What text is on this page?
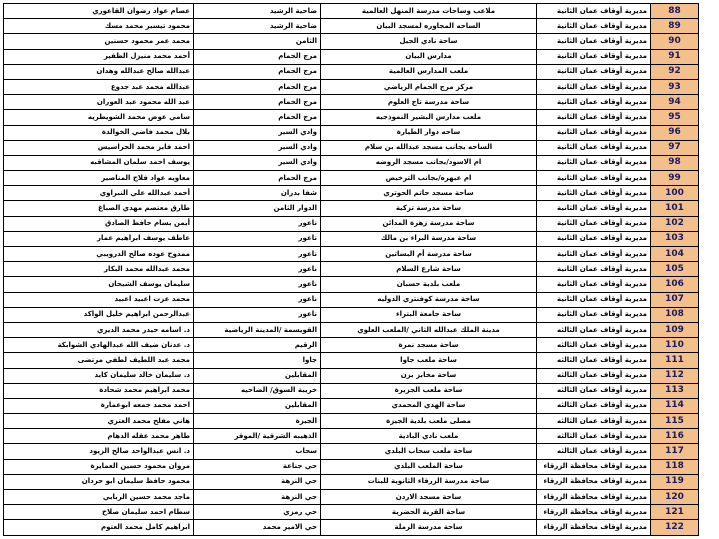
88	مديرية أوقاف عمان الثانية	ملاعب وساحات مدرسة المنهل العالمية	ضاحية الرشيد	عصام عواد رضوان القاعوري
89	مديرية أوقاف عمان الثانية	الساحه المجاوره لمسجد البيان	ضاحية الرشيد	محمود تيسير محمد مسك
90	مديرية أوقاف عمان الثانية	ساحة نادي الجيل	الثامن	محمد عمر محمود حسنين
91	مديرية أوقاف عمان الثانية	مدارس البيان	مرج الحمام	أحمد محمد منيزل الظفير
92	مديرية أوقاف عمان الثانية	ملعب المدارس العالمية	مرج الحمام	عبدالله صالح عبدالله وهدان
93	مديرية أوقاف عمان الثانية	مركز مرج الحمام الرياضي	مرج الحمام	عبدالله محمد عبد جدوع
94	مديرية أوقاف عمان الثانية	ساحة مدرسة تاج العلوم	مرج الحمام	عبد الله محمود عبد العوران
95	مديرية أوقاف عمان الثانية	ملعب مدارس البشير النموذجيه	مرج الحمام	سامي عوض محمد الشويطريه
96	مديرية أوقاف عمان الثانية	ساحه دوار الطيارة	وادي السير	بلال محمد فاضي الخوالدة
97	مديرية أوقاف عمان الثانية	الساحه بجانب مسجد عبدالله بن سلام	وادي السير	احمد فايز محمد الحراسيس
98	مديرية أوقاف عمان الثانية	ام الاسود/بجانب مسجد الروضه	وادي السير	يوسف احمد سلمان المشاقبه
99	مديرية أوقاف عمان الثانية	ام عبهره/بجانب الترخيص	مرج الحمام	معاويه عواد فلاح المناصير
100	مديرية أوقاف عمان الثانية	ساحة مسجد حاتم الحوتري	شفا بدران	أحمد عبدالله علي النبراوي
101	مديرية أوقاف عمان الثانية	ساحة مدرسة تزكية	الدوار الثامن	طارق معتصم مهدي الصباغ
102	مديرية أوقاف عمان الثانية	ساحة مدرسة زهرة المدائن	ناعور	أيمن بسام حافظ الصادق
103	مديرية أوقاف عمان الثانية	ساحة مدرسة البراء بن مالك	ناعور	عاطف يوسف ابراهيم عمار
104	مديرية أوقاف عمان الثانية	ساحة مدرسة أم البساتين	ناعور	ممدوح عوده صالح الدرويبي
105	مديرية أوقاف عمان الثانية	ساحة شارع السلام	ناعور	محمد عبدالله محمد البكار
106	مديرية أوقاف عمان الثانية	ملعب بلدية حسبان	ناعور	سليمان يوسف الشيحان
107	مديرية أوقاف عمان الثانية	ساحة مدرسة كوفنتري الدوليه	ناعور	محمد عزت اعبيد اعبيد
108	مديرية أوقاف عمان الثانية	ساحة جامعة البتراء	ناعور	عبدالرحمن ابراهيم خليل الواكد
109	مديرية أوقاف عمان الثالثه	مدينة الملك عبدالله الثاني /الملعب العلوي	القويسمة /المدينة الرياضية	د. اسامه حيدر محمد الديري
110	مديرية أوقاف عمان الثالثه	ساحة مسجد نمرة	الرقيم	د. عدنان ضيف الله عبدالهادي الشوابكة
111	مديرية أوقاف عمان الثالثه	ساحة ملعب جاوا	جاوا	محمد عبد اللطيف لطفي مرتضى
112	مديرية أوقاف عمان الثالثه	ساحة مخابز بزن	المقابلين	د. سليمان خالد سليمان كايد
113	مديرية أوقاف عمان الثالثه	ساحة ملعب الجزيرة	خريبة السوق/ الضاحيه	محمد ابراهيم محمد شحادة
114	مديرية أوقاف عمان الثالثه	ساحة الهدي المحمدي	المقابلين	احمد محمد جمعه ابوعمارة
115	مديرية أوقاف عمان الثالثه	مصلى ملعب بلدية الجيزة	الجيزة	هاني مفلح محمد العتزي
116	مديرية أوقاف عمان الثالثه	ملعب نادي البادية	الذهيبه الشرقية /الموقر	طاهر محمد عقله الدهام
117	مديرية أوقاف عمان الثالثه	ساحة ملعب سحاب البلدي	سحاب	د. انس عبدالواحد صالح الزيود
118	مديرية اوقاف محافظة الزرقاء	ساحة الملعب البلدي	حي جناعة	مروان محمود حسين العمايرة
119	مديرية اوقاف محافظة الزرقاء	ساحة مدرسة الزرقاء الثانوية للبنات	حي النزهة	محمود حافظ سليمان ابو حردان
120	مديرية اوقاف محافظة الزرقاء	ساحة مسجد الاردن	حي النزهة	ماجد محمد حسين الربابي
121	مديرية اوقاف محافظة الزرقاء	ساحة القرية الحضرية	حي رمزي	سطام احمد سليمان صلاح
122	مديرية اوقاف محافظة الزرقاء	ساحة مدرسة الرملة	حي الامير محمد	ابراهيم كامل محمد العتوم
